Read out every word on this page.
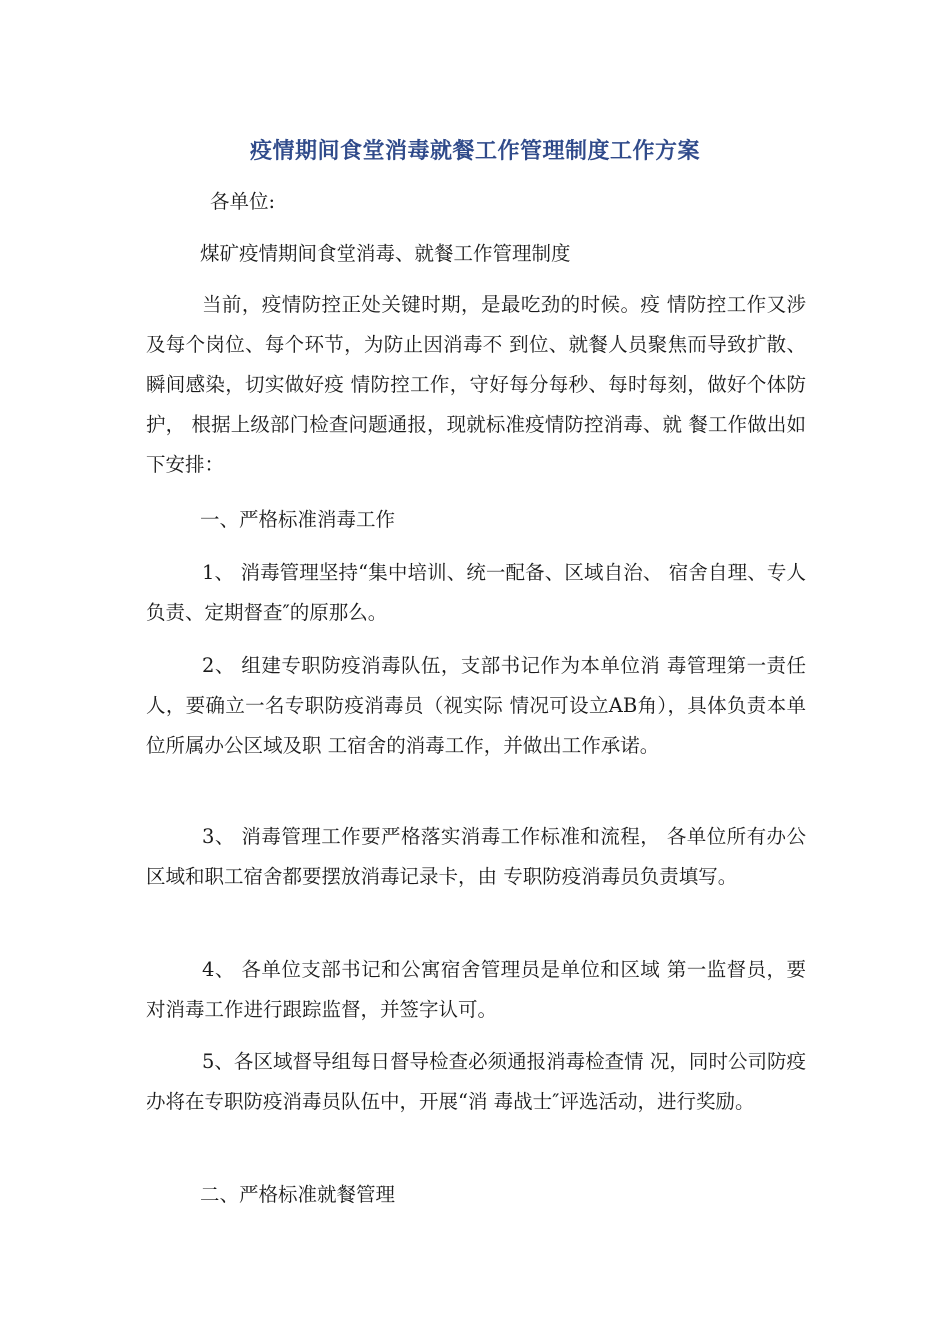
疫情期间食堂消毒就餐工作管理制度工作方案
各单位:
煤矿疫情期间食堂消毒、就餐工作管理制度
当前，疫情防控正处关键时期，是最吃劲的时候。疫 情防控工作又涉及每个岗位、每个环节，为防止因消毒不 到位、就餐人员聚焦而导致扩散、瞬间感染，切实做好疫 情防控工作，守好每分每秒、每时每刻，做好个体防护， 根据上级部门检查问题通报，现就标准疫情防控消毒、就 餐工作做出如下安排：
一、严格标准消毒工作
1、 消毒管理坚持“集中培训、统一配备、区域自治、 宿舍自理、专人负责、定期督查″的原那么。
2、 组建专职防疫消毒队伍，支部书记作为本单位消 毒管理第一责任人，要确立一名专职防疫消毒员（视实际 情况可设立AB角），具体负责本单位所属办公区域及职 工宿舍的消毒工作，并做出工作承诺。
3、 消毒管理工作要严格落实消毒工作标准和流程， 各单位所有办公区域和职工宿舍都要摆放消毒记录卡，由 专职防疫消毒员负责填写。
4、 各单位支部书记和公寓宿舍管理员是单位和区域 第一监督员，要对消毒工作进行跟踪监督，并签字认可。
5、各区域督导组每日督导检查必须通报消毒检查情 况，同时公司防疫办将在专职防疫消毒员队伍中，开展“消 毒战士″评选活动，进行奖励。
二、严格标准就餐管理
